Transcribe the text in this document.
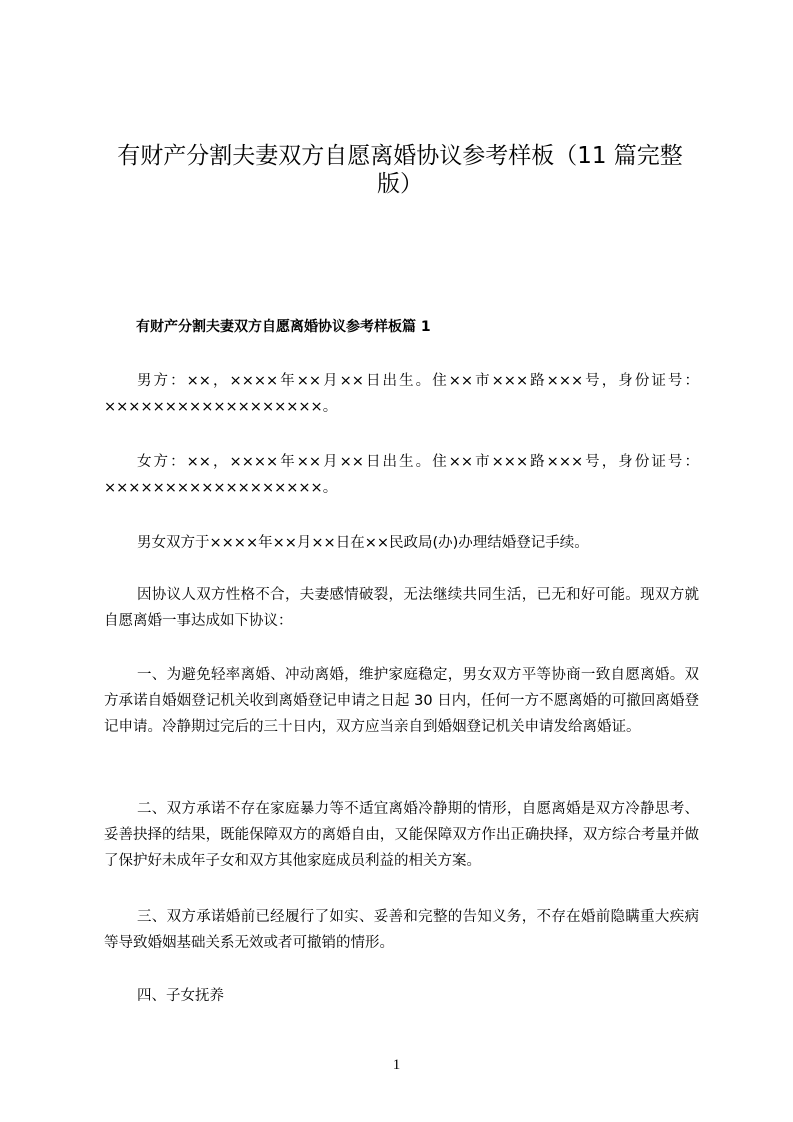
有财产分割夫妻双方自愿离婚协议参考样板（11 篇完整版）
有财产分割夫妻双方自愿离婚协议参考样板篇 1

男方：××，××××年××月××日出生。住××市×××路×××号，身份证号：××××××××××××××××××。

女方：××，××××年××月××日出生。住××市×××路×××号，身份证号：××××××××××××××××××。

男女双方于××××年××月××日在××民政局(办)办理结婚登记手续。

因协议人双方性格不合，夫妻感情破裂，无法继续共同生活，已无和好可能。现双方就自愿离婚一事达成如下协议：

一、为避免轻率离婚、冲动离婚，维护家庭稳定，男女双方平等协商一致自愿离婚。双方承诺自婚姻登记机关收到离婚登记申请之日起 30 日内，任何一方不愿离婚的可撤回离婚登记申请。冷静期过完后的三十日内，双方应当亲自到婚姻登记机关申请发给离婚证。

二、双方承诺不存在家庭暴力等不适宜离婚冷静期的情形，自愿离婚是双方冷静思考、妥善抉择的结果，既能保障双方的离婚自由，又能保障双方作出正确抉择，双方综合考量并做了保护好未成年子女和双方其他家庭成员利益的相关方案。

三、双方承诺婚前已经履行了如实、妥善和完整的告知义务，不存在婚前隐瞒重大疾病等导致婚姻基础关系无效或者可撤销的情形。

四、子女抚养

1
